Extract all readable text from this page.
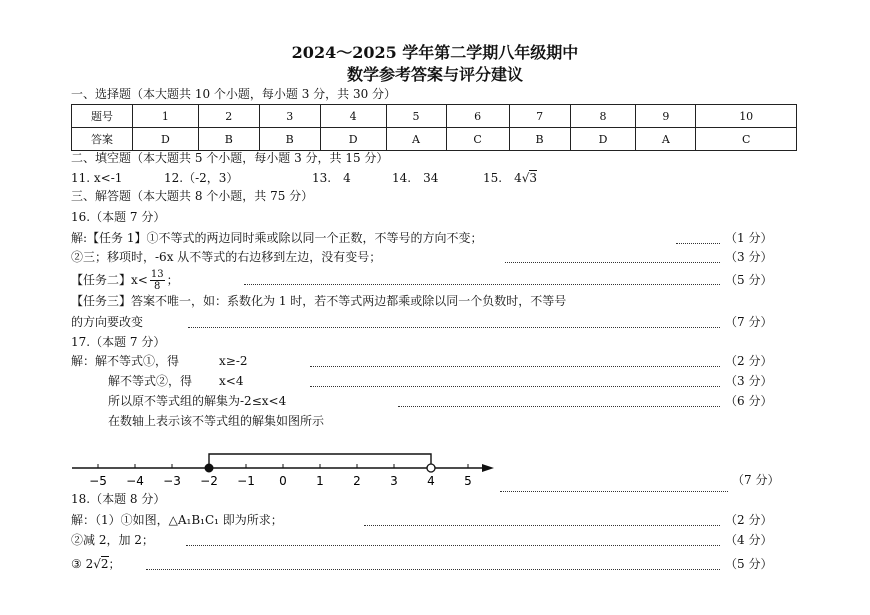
2024～2025 学年第二学期八年级期中
数学参考答案与评分建议
一、选择题（本大题共 10 个小题，每小题 3 分，共 30 分）
题号	1	2	3	4	5	6	7	8	9	10
答案	D	B	B	D	A	C	B	D	A	C
二、填空题（本大题共 5 个小题，每小题 3 分，共 15 分）
11. x<-1	12.（-2，3）	13.　4	14.　34	15.　4√3
三、解答题（本大题共 8 个小题，共 75 分）
16.（本题 7 分）
解:【任务 1】①不等式的两边同时乘或除以同一个正数，不等号的方向不变；	（1 分）
②三；移项时，-6x 从不等式的右边移到左边，没有变号；	（3 分）
【任务二】$x< \frac{13}{8}$ ；	（5 分）
【任务三】答案不唯一，如：系数化为 1 时，若不等式两边都乘或除以同一个负数时，不等号
的方向要改变	（7 分）
17.（本题 7 分）
解：解不等式①，得	x≥-2	（2 分）
解不等式②，得 x<4	（3 分）
所以原不等式组的解集为-2≤x<4	（6 分）
在数轴上表示该不等式组的解集如图所示
−5 −4 −3 −2 −1 0 1 2 3 4 5	（7 分）
18.（本题 8 分）
解：（1）①如图，△A₁B₁C₁ 即为所求；	（2 分）
②减 2，加 2；	（4 分）
③ 2√2；	（5 分）
